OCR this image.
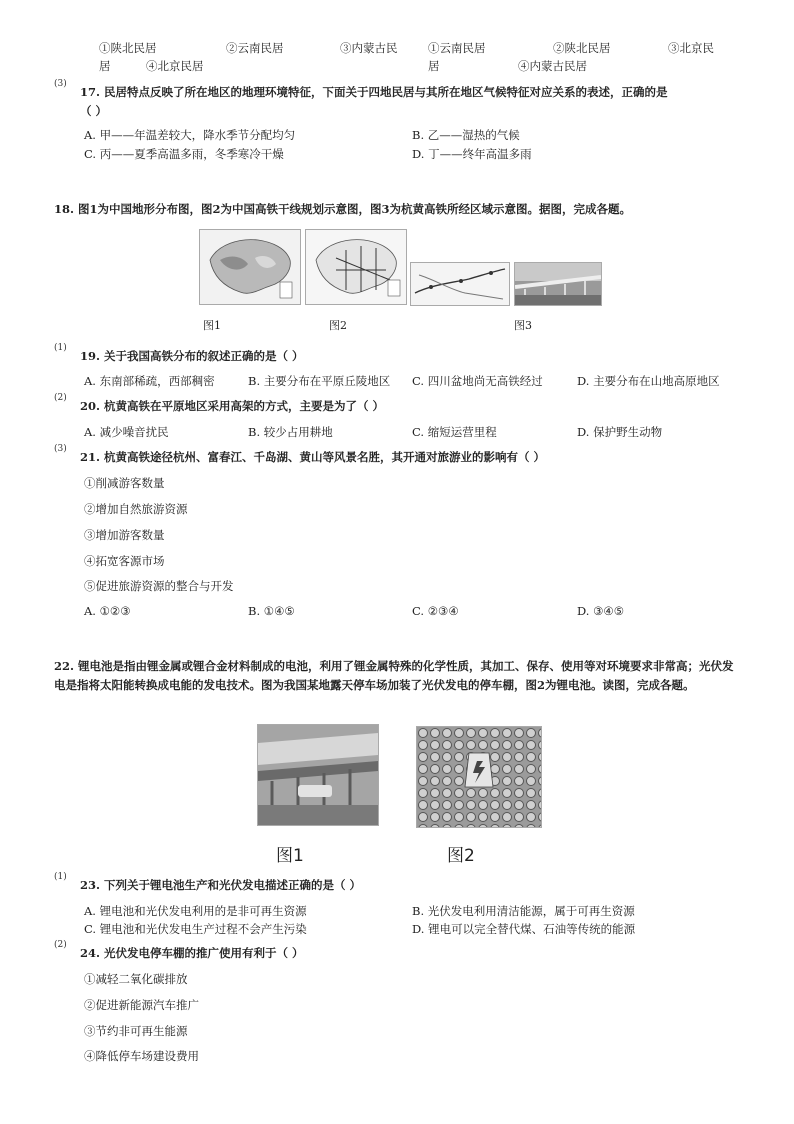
①陕北民居	②云南民居	③内蒙古民
居	④北京民居
①云南民居	②陕北民居	③北京民
居	④内蒙古民居
(3)
17. 民居特点反映了所在地区的地理环境特征，下面关于四地民居与其所在地区气候特征对应关系的表述，正确的是
（ ）
A. 甲——年温差较大，降水季节分配均匀	B. 乙——湿热的气候
C. 丙——夏季高温多雨，冬季寒冷干燥	D. 丁——终年高温多雨
18. 图1为中国地形分布图，图2为中国高铁干线规划示意图，图3为杭黄高铁所经区域示意图。据图，完成各题。
图1	图2	图3
(1)
19. 关于我国高铁分布的叙述正确的是（ ）
A. 东南部稀疏，西部稠密	B. 主要分布在平原丘陵地区 C. 四川盆地尚无高铁经过	D. 主要分布在山地高原地区
(2)
20. 杭黄高铁在平原地区采用高架的方式，主要是为了（ ）
A. 减少噪音扰民	B. 较少占用耕地	C. 缩短运营里程	D. 保护野生动物
(3)
21. 杭黄高铁途径杭州、富春江、千岛湖、黄山等风景名胜，其开通对旅游业的影响有（ ）
①削减游客数量
②增加自然旅游资源
③增加游客数量
④拓宽客源市场
⑤促进旅游资源的整合与开发
A. ①②③	B. ①④⑤	C. ②③④	D. ③④⑤
22. 锂电池是指由锂金属或锂合金材料制成的电池，利用了锂金属特殊的化学性质，其加工、保存、使用等对环境要求非常高；光伏发电是指将太阳能转换成电能的发电技术。图为我国某地露天停车场加装了光伏发电的停车棚，图2为锂电池。读图，完成各题。
图1	图2
(1)
23. 下列关于锂电池生产和光伏发电描述正确的是（ ）
A. 锂电池和光伏发电利用的是非可再生资源	B. 光伏发电利用清洁能源，属于可再生资源
C. 锂电池和光伏发电生产过程不会产生污染	D. 锂电可以完全替代煤、石油等传统的能源
(2)
24. 光伏发电停车棚的推广使用有利于（ ）
①减轻二氧化碳排放
②促进新能源汽车推广
③节约非可再生能源
④降低停车场建设费用
